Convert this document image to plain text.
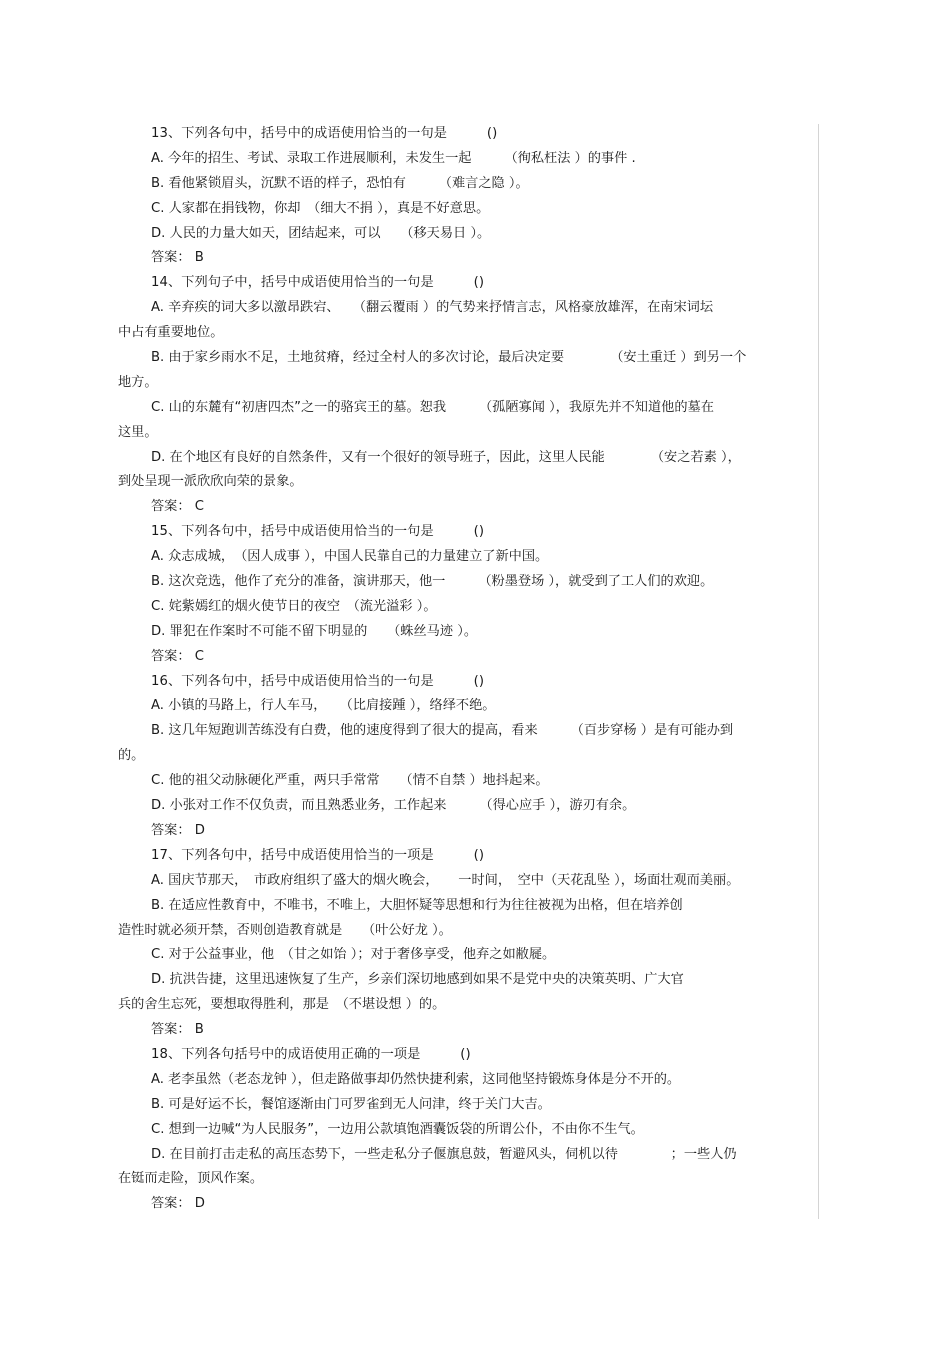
13、下列各句中，括号中的成语使用恰当的一句是　　　()
A. 今年的招生、考试、录取工作进展顺利，未发生一起　　　（徇私枉法 ）的事件 .
B. 看他紧锁眉头，沉默不语的样子，恐怕有　　　（难言之隐 ）。
C. 人家都在捐钱物，你却　（细大不捐 ），真是不好意思。
D. 人民的力量大如天，团结起来，可以　　（移天易日 ）。
答案： B
14、下列句子中，括号中成语使用恰当的一句是　　　()
A. 辛弃疾的词大多以激昂跌宕、　　（翻云覆雨 ）的气势来抒情言志，风格豪放雄浑，在南宋词坛
中占有重要地位。
B. 由于家乡雨水不足，土地贫瘠，经过全村人的多次讨论，最后决定要　　　　（安土重迁 ）到另一个
地方。
C. 山的东麓有“初唐四杰”之一的骆宾王的墓。恕我　　　（孤陋寡闻 ），我原先并不知道他的墓在
这里。
D. 在个地区有良好的自然条件，又有一个很好的领导班子，因此，这里人民能　　　　（安之若素 ），
到处呈现一派欣欣向荣的景象。
答案： C
15、下列各句中，括号中成语使用恰当的一句是　　　()
A. 众志成城，　（因人成事 ），中国人民靠自己的力量建立了新中国。
B. 这次竞选，他作了充分的准备，演讲那天，他一　　　（粉墨登场 ），就受到了工人们的欢迎。
C. 姹紫嫣红的烟火使节日的夜空　（流光溢彩 ）。
D. 罪犯在作案时不可能不留下明显的　　（蛛丝马迹 ）。
答案： C
16、下列各句中，括号中成语使用恰当的一句是　　　()
A. 小镇的马路上，行人车马，　　（比肩接踵 ），络绎不绝。
B. 这几年短跑训苦练没有白费，他的速度得到了很大的提高，看来　　　（百步穿杨 ）是有可能办到
的。
C. 他的祖父动脉硬化严重，两只手常常　　（情不自禁 ）地抖起来。
D. 小张对工作不仅负责，而且熟悉业务，工作起来　　　（得心应手 ），游刃有余。
答案： D
17、下列各句中，括号中成语使用恰当的一项是　　　()
A. 国庆节那天，　市政府组织了盛大的烟火晚会，　　一时间，　空中（天花乱坠 ），场面壮观而美丽。
B. 在适应性教育中，不唯书，不唯上，大胆怀疑等思想和行为往往被视为出格，但在培养创
造性时就必须开禁，否则创造教育就是　　（叶公好龙 ）。
C. 对于公益事业，他　（甘之如饴 ）；对于奢侈享受，他弃之如敝屣。
D. 抗洪告捷，这里迅速恢复了生产，乡亲们深切地感到如果不是党中央的决策英明、广大官
兵的舍生忘死，要想取得胜利，那是　（不堪设想 ）的。
答案： B
18、下列各句括号中的成语使用正确的一项是　　　()
A. 老李虽然（老态龙钟 ），但走路做事却仍然快捷利索，这同他坚持锻炼身体是分不开的。
B. 可是好运不长，餐馆逐渐由门可罗雀到无人问津，终于关门大吉。
C. 想到一边喊“为人民服务”，一边用公款填饱酒囊饭袋的所谓公仆，不由你不生气。
D. 在目前打击走私的高压态势下，一些走私分子偃旗息鼓，暂避风头，伺机以待　　　　；一些人仍
在铤而走险，顶风作案。
答案： D
